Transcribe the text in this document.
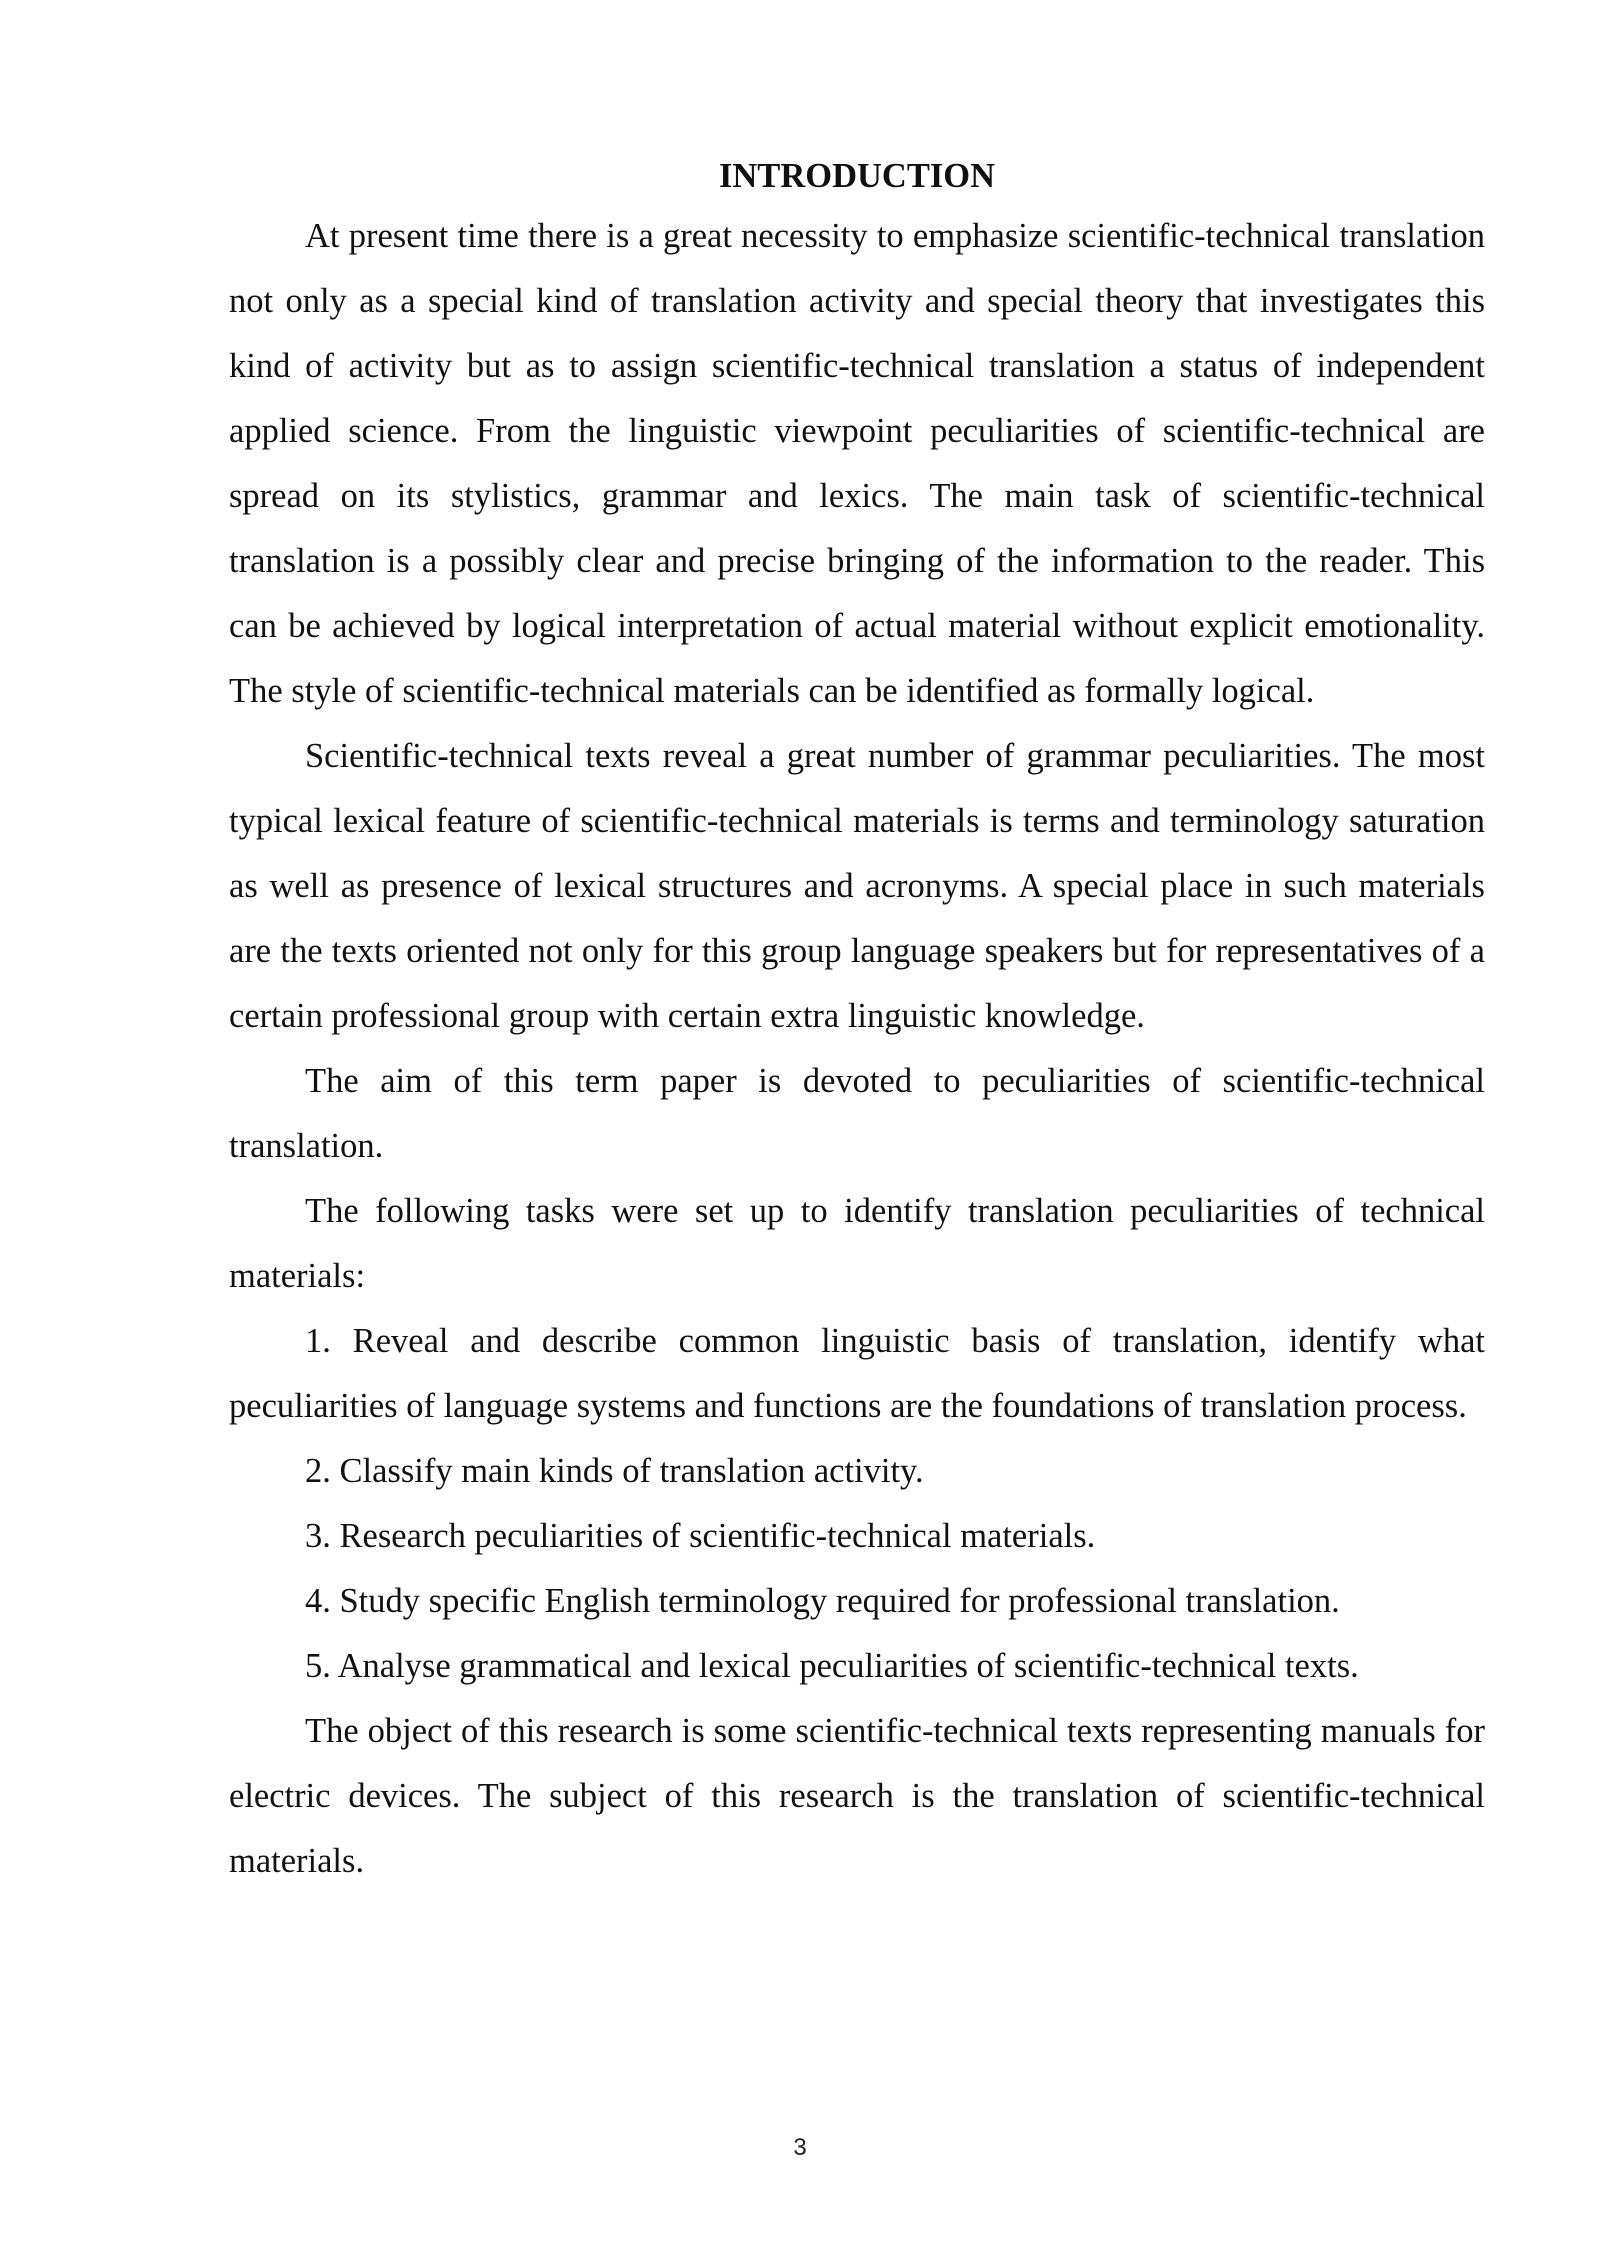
INTRODUCTION

At present time there is a great necessity to emphasize scientific-technical translation not only as a special kind of translation activity and special theory that investigates this kind of activity but as to assign scientific-technical translation a status of independent applied science. From the linguistic viewpoint peculiarities of scientific-technical are spread on its stylistics, grammar and lexics. The main task of scientific-technical translation is a possibly clear and precise bringing of the information to the reader. This can be achieved by logical interpretation of actual material without explicit emotionality. The style of scientific-technical materials can be identified as formally logical.

Scientific-technical texts reveal a great number of grammar peculiarities. The most typical lexical feature of scientific-technical materials is terms and terminology saturation as well as presence of lexical structures and acronyms. A special place in such materials are the texts oriented not only for this group language speakers but for representatives of a certain professional group with certain extra linguistic knowledge.

The aim of this term paper is devoted to peculiarities of scientific-technical translation.

The following tasks were set up to identify translation peculiarities of technical materials:

1. Reveal and describe common linguistic basis of translation, identify what peculiarities of language systems and functions are the foundations of translation process.

2. Classify main kinds of translation activity.

3. Research peculiarities of scientific-technical materials.

4. Study specific English terminology required for professional translation.

5. Analyse grammatical and lexical peculiarities of scientific-technical texts.

The object of this research is some scientific-technical texts representing manuals for electric devices. The subject of this research is the translation of scientific-technical materials.

3
